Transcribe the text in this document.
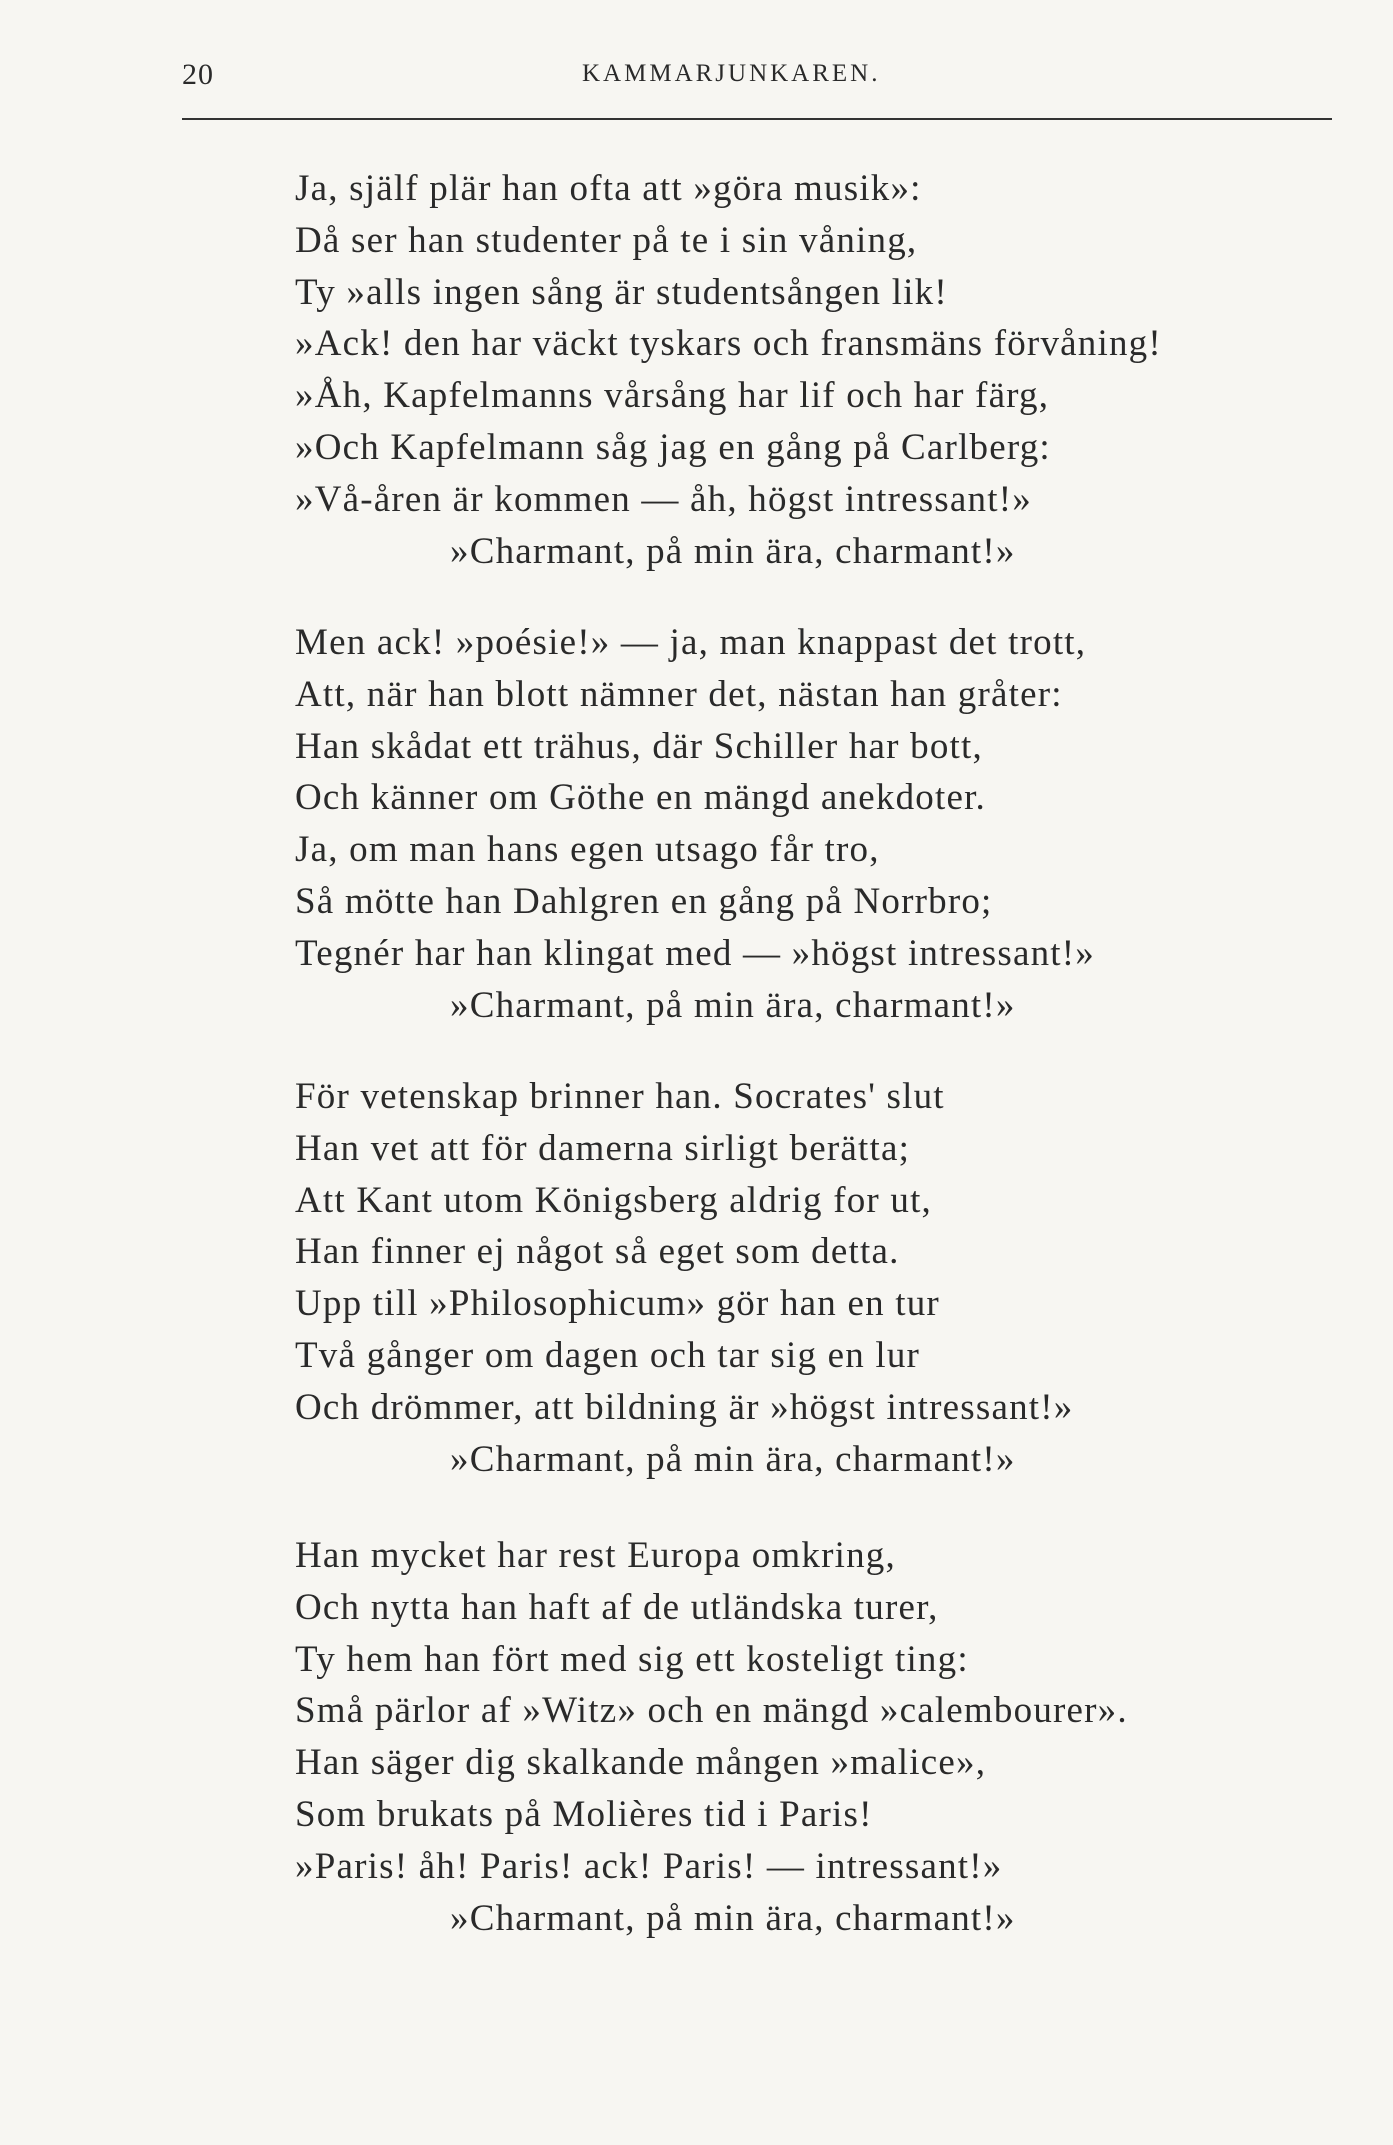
20	KAMMARJUNKAREN.
Ja, själf plär han ofta att »göra musik»:
Då ser han studenter på te i sin våning,
Ty »alls ingen sång är studentsången lik!
»Ack! den har väckt tyskars och fransmäns förvåning!
»Åh, Kapfelmanns vårsång har lif och har färg,
»Och Kapfelmann såg jag en gång på Carlberg:
»Vå-åren är kommen — åh, högst intressant!»
»Charmant, på min ära, charmant!»
Men ack! »poésie!» — ja, man knappast det trott,
Att, när han blott nämner det, nästan han gråter:
Han skådat ett trähus, där Schiller har bott,
Och känner om Göthe en mängd anekdoter.
Ja, om man hans egen utsago får tro,
Så mötte han Dahlgren en gång på Norrbro;
Tegnér har han klingat med — »högst intressant!»
»Charmant, på min ära, charmant!»
För vetenskap brinner han. Socrates' slut
Han vet att för damerna sirligt berätta;
Att Kant utom Königsberg aldrig for ut,
Han finner ej något så eget som detta.
Upp till »Philosophicum» gör han en tur
Två gånger om dagen och tar sig en lur
Och drömmer, att bildning är »högst intressant!»
»Charmant, på min ära, charmant!»
Han mycket har rest Europa omkring,
Och nytta han haft af de utländska turer,
Ty hem han fört med sig ett kosteligt ting:
Små pärlor af »Witz» och en mängd »calembourer».
Han säger dig skalkande mången »malice»,
Som brukats på Molières tid i Paris!
»Paris! åh! Paris! ack! Paris! — intressant!»
»Charmant, på min ära, charmant!»
